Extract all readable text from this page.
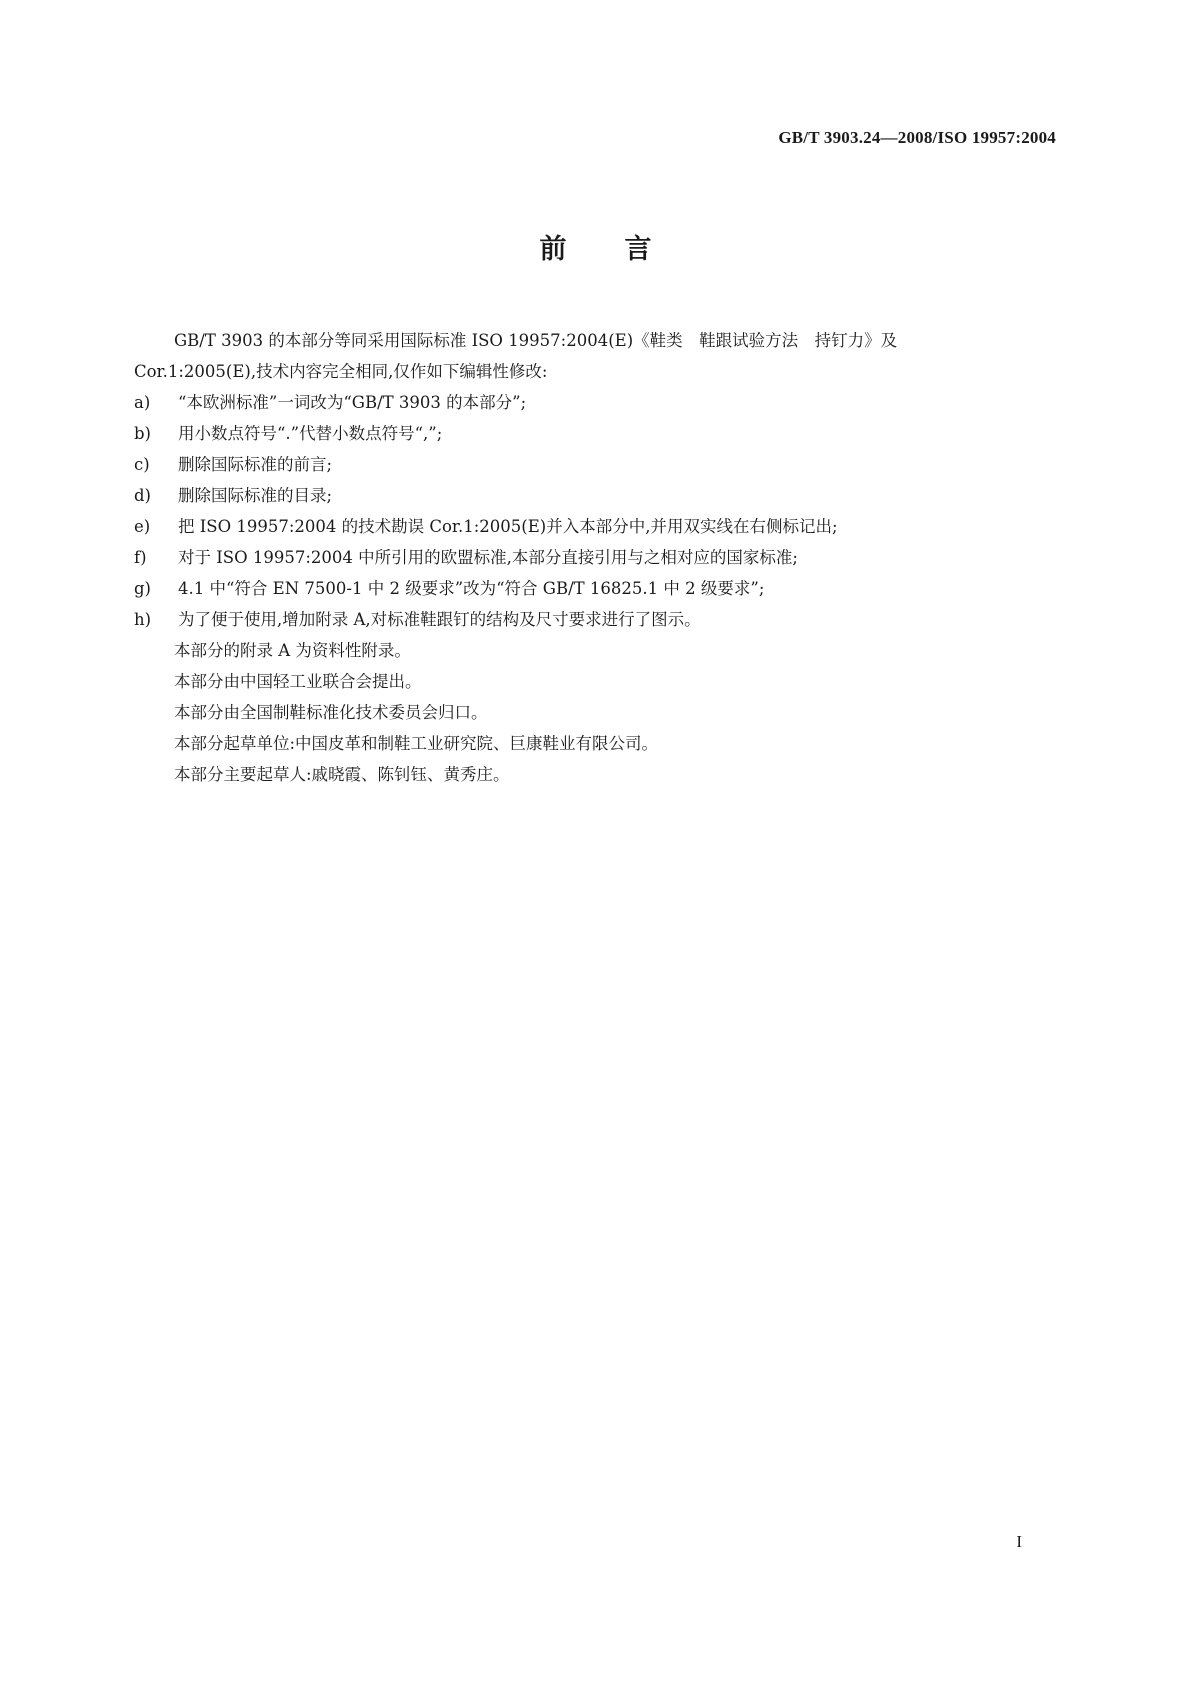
GB/T 3903.24—2008/ISO 19957:2004
前言

GB/T 3903 的本部分等同采用国际标准 ISO 19957:2004(E)《鞋类　鞋跟试验方法　持钉力》及

Cor.1:2005(E),技术内容完全相同,仅作如下编辑性修改:

a) “本欧洲标准”一词改为“GB/T 3903 的本部分”;

b) 用小数点符号“.”代替小数点符号“,”;

c) 删除国际标准的前言;

d) 删除国际标准的目录;

e) 把 ISO 19957:2004 的技术勘误 Cor.1:2005(E)并入本部分中,并用双实线在右侧标记出;

f) 对于 ISO 19957:2004 中所引用的欧盟标准,本部分直接引用与之相对应的国家标准;

g) 4.1 中“符合 EN 7500-1 中 2 级要求”改为“符合 GB/T 16825.1 中 2 级要求”;

h) 为了便于使用,增加附录 A,对标准鞋跟钉的结构及尺寸要求进行了图示。

本部分的附录 A 为资料性附录。

本部分由中国轻工业联合会提出。

本部分由全国制鞋标准化技术委员会归口。

本部分起草单位:中国皮革和制鞋工业研究院、巨康鞋业有限公司。

本部分主要起草人:戚晓霞、陈钊钰、黄秀庄。

I
